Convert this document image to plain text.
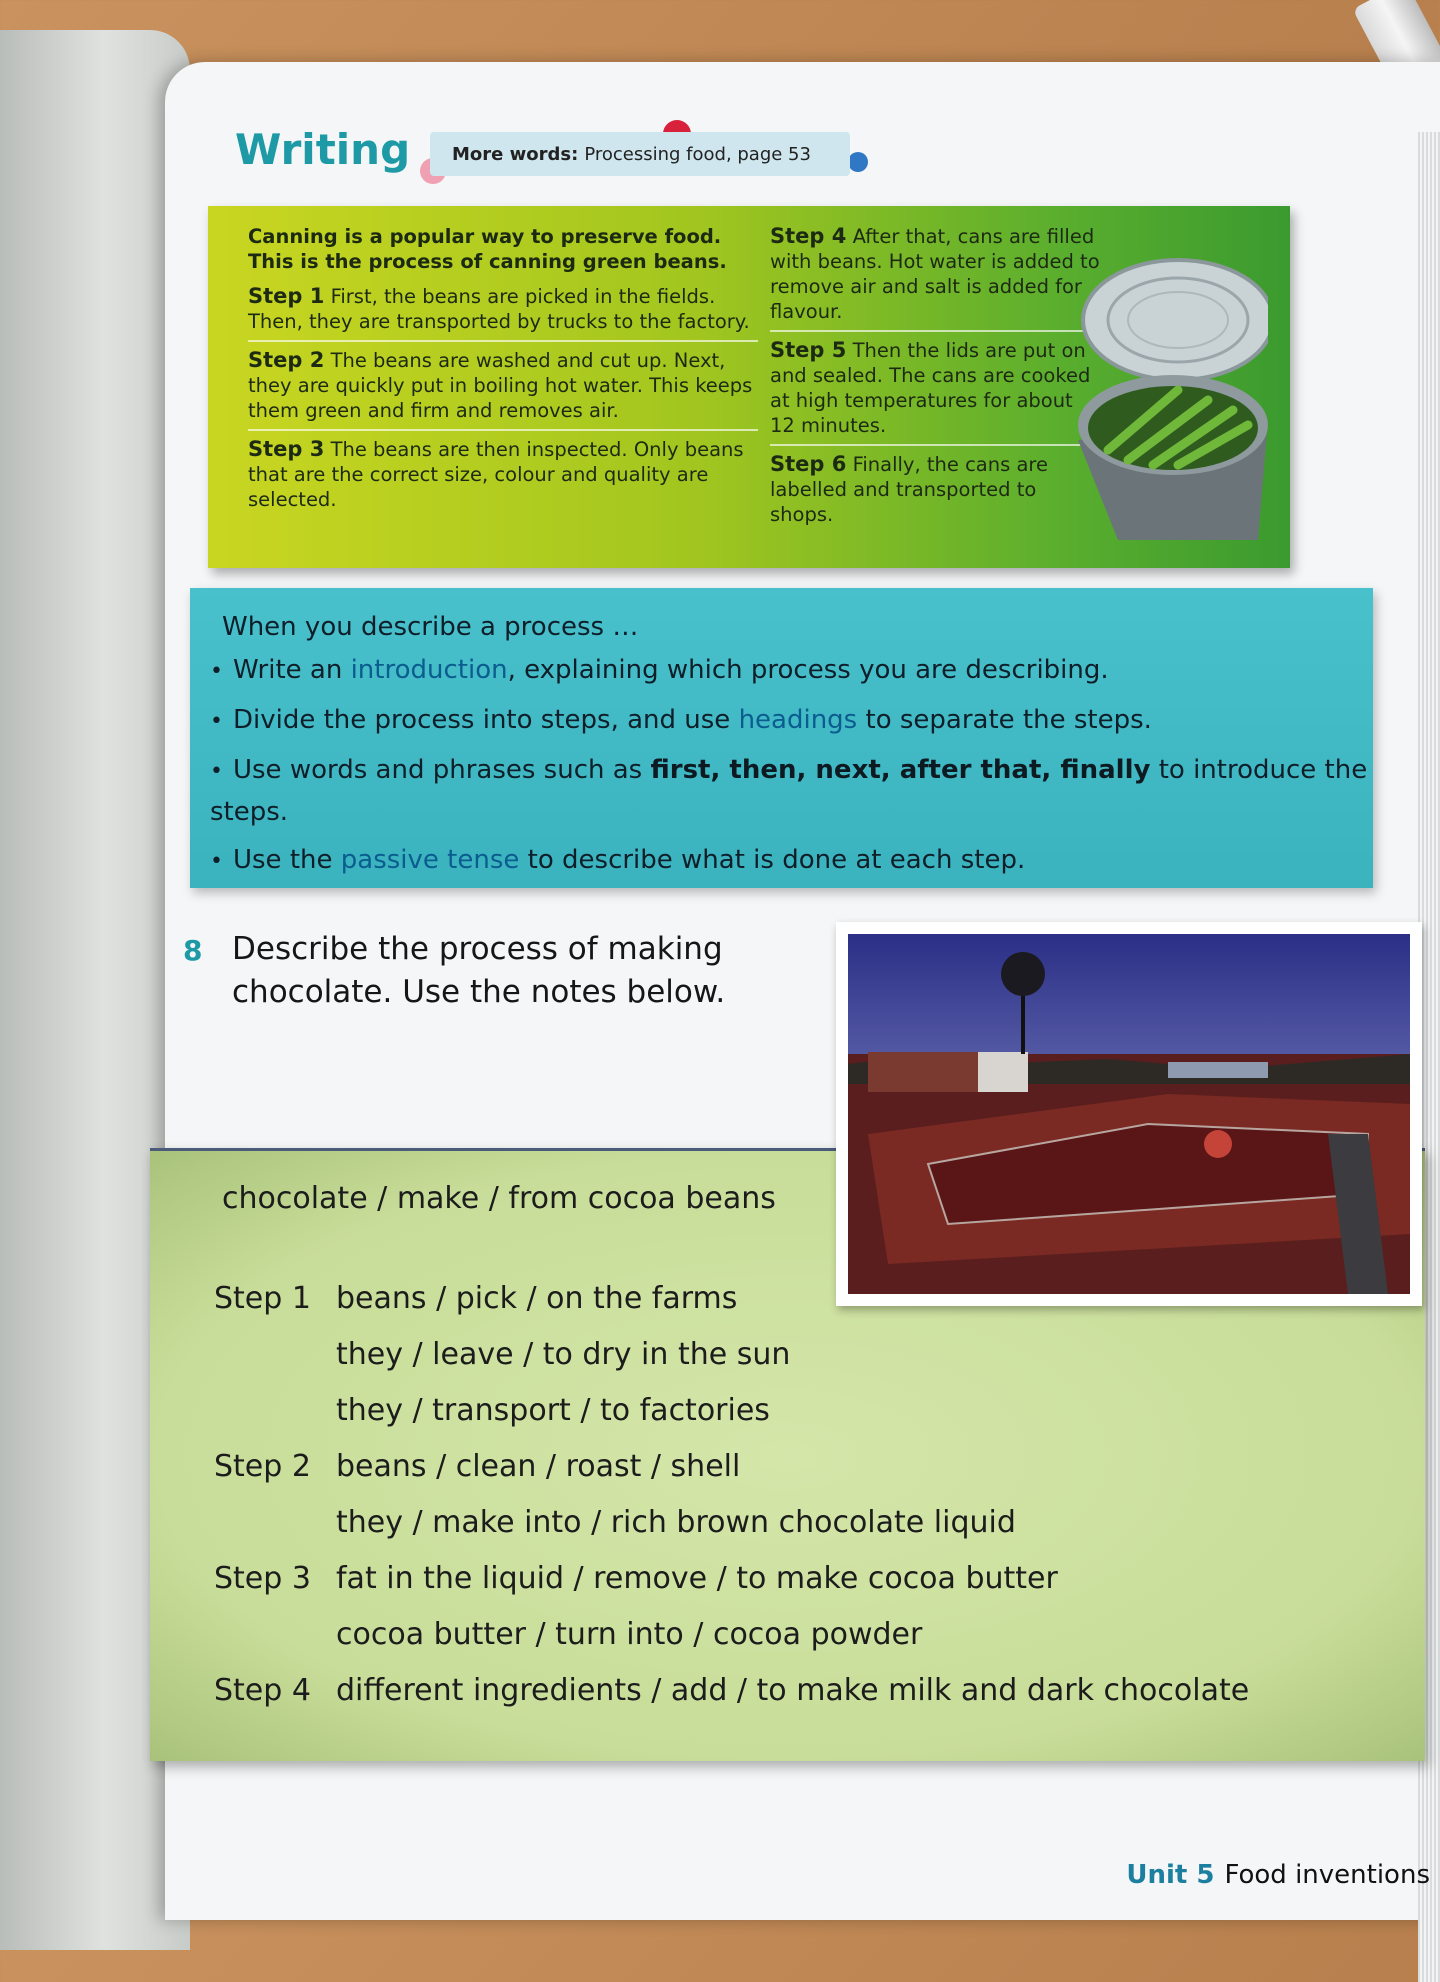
Writing More words: Processing food, page 53

Canning is a popular way to preserve food. This is the process of canning green beans.

Step 1 First, the beans are picked in the fields. Then, they are transported by trucks to the factory.

Step 2 The beans are washed and cut up. Next, they are quickly put in boiling hot water. This keeps them green and firm and removes air.

Step 3 The beans are then inspected. Only beans that are the correct size, colour and quality are selected.

Step 4 After that, cans are filled with beans. Hot water is added to remove air and salt is added for flavour.

Step 5 Then the lids are put on and sealed. The cans are cooked at high temperatures for about 12 minutes.

Step 6 Finally, the cans are labelled and transported to shops.

When you describe a process …
• Write an introduction, explaining which process you are describing.
• Divide the process into steps, and use headings to separate the steps.
• Use words and phrases such as first, then, next, after that, finally to introduce the steps.
• Use the passive tense to describe what is done at each step.
8 Describe the process of making chocolate. Use the notes below.
chocolate / make / from cocoa beans
Step 1 beans / pick / on the farms
they / leave / to dry in the sun
they / transport / to factories
Step 2 beans / clean / roast / shell
they / make into / rich brown chocolate liquid
Step 3 fat in the liquid / remove / to make cocoa butter
cocoa butter / turn into / cocoa powder
Step 4 different ingredients / add / to make milk and dark chocolate
Unit 5 Food inventions
